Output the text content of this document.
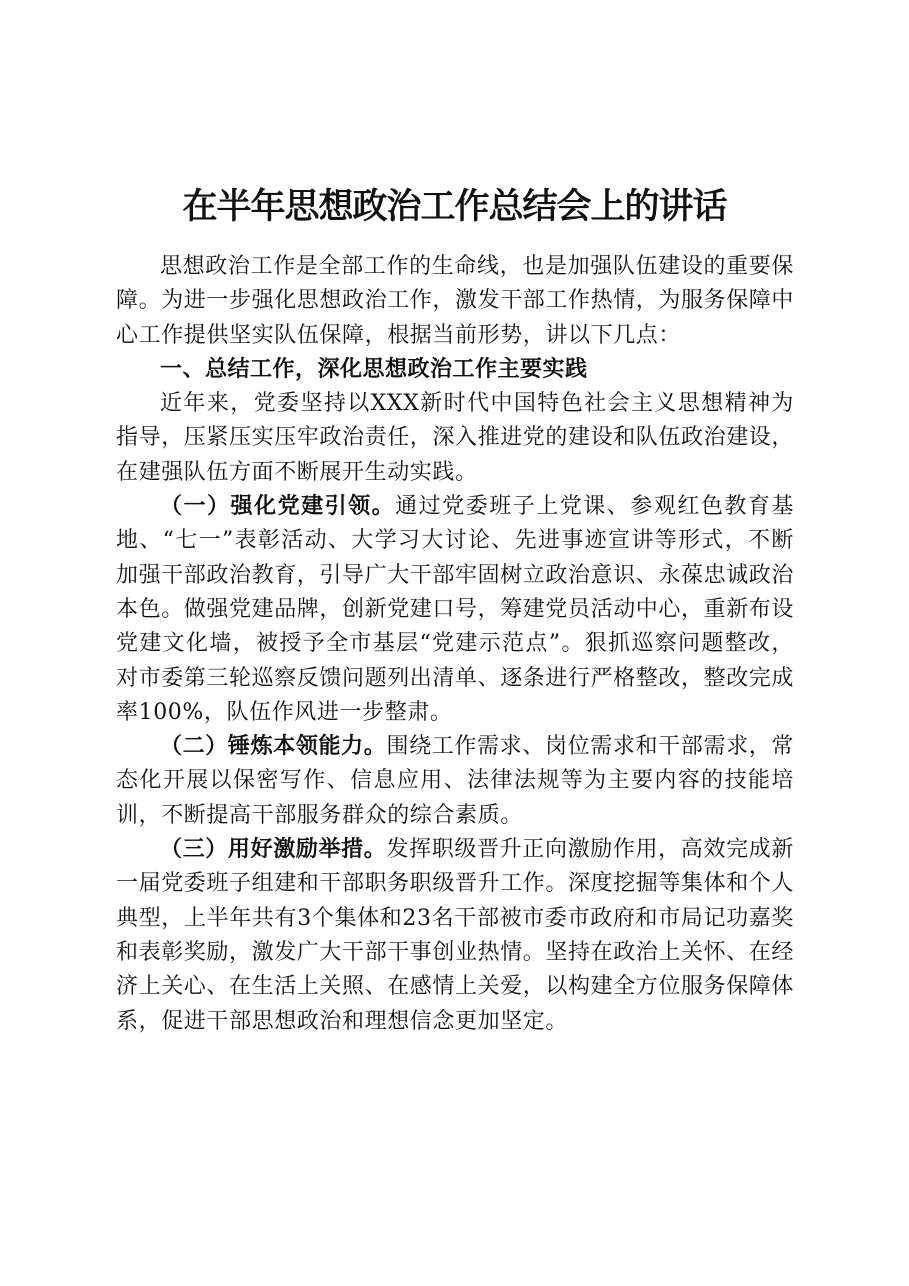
在半年思想政治工作总结会上的讲话

思想政治工作是全部工作的生命线，也是加强队伍建设的重要保障。为进一步强化思想政治工作，激发干部工作热情，为服务保障中心工作提供坚实队伍保障，根据当前形势，讲以下几点：

一、总结工作，深化思想政治工作主要实践

近年来，党委坚持以XXX新时代中国特色社会主义思想精神为指导，压紧压实压牢政治责任，深入推进党的建设和队伍政治建设，在建强队伍方面不断展开生动实践。

（一）强化党建引领。通过党委班子上党课、参观红色教育基地、“七一”表彰活动、大学习大讨论、先进事迹宣讲等形式，不断加强干部政治教育，引导广大干部牢固树立政治意识、永葆忠诚政治本色。做强党建品牌，创新党建口号，筹建党员活动中心，重新布设党建文化墙，被授予全市基层“党建示范点”。狠抓巡察问题整改，对市委第三轮巡察反馈问题列出清单、逐条进行严格整改，整改完成率100%，队伍作风进一步整肃。

（二）锤炼本领能力。围绕工作需求、岗位需求和干部需求，常态化开展以保密写作、信息应用、法律法规等为主要内容的技能培训，不断提高干部服务群众的综合素质。

（三）用好激励举措。发挥职级晋升正向激励作用，高效完成新一届党委班子组建和干部职务职级晋升工作。深度挖掘等集体和个人典型，上半年共有3个集体和23名干部被市委市政府和市局记功嘉奖和表彰奖励，激发广大干部干事创业热情。坚持在政治上关怀、在经济上关心、在生活上关照、在感情上关爱，以构建全方位服务保障体系，促进干部思想政治和理想信念更加坚定。
